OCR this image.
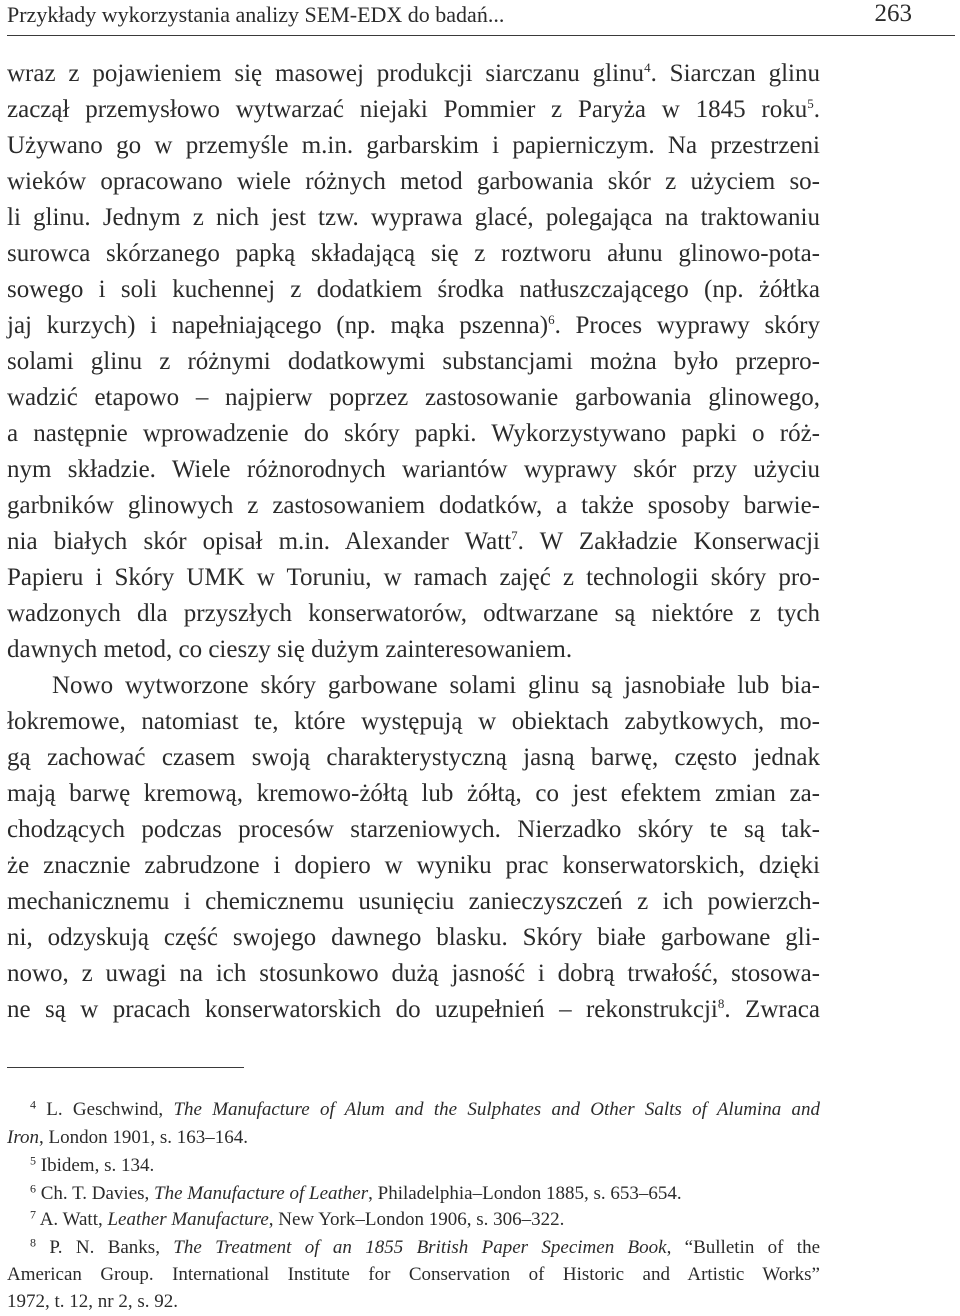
Przykłady wykorzystania analizy SEM-EDX do badań...	263
wraz z pojawieniem się masowej produkcji siarczanu glinu$^4$. Siarczan glinu
zaczął przemysłowo wytwarzać niejaki Pommier z Paryża w 1845 roku$^5$.
Używano go w przemyśle m.in. garbarskim i papierniczym. Na przestrzeni
wieków opracowano wiele różnych metod garbowania skór z użyciem so-
li glinu. Jednym z nich jest tzw. wyprawa glacé, polegająca na traktowaniu
surowca skórzanego papką składającą się z roztworu ałunu glinowo-pota-
sowego i soli kuchennej z dodatkiem środka natłuszczającego (np. żółtka
jaj kurzych) i napełniającego (np. mąka pszenna)$^6$. Proces wyprawy skóry
solami glinu z różnymi dodatkowymi substancjami można było przepro-
wadzić etapowo – najpierw poprzez zastosowanie garbowania glinowego,
a następnie wprowadzenie do skóry papki. Wykorzystywano papki o róż-
nym składzie. Wiele różnorodnych wariantów wyprawy skór przy użyciu
garbników glinowych z zastosowaniem dodatków, a także sposoby barwie-
nia białych skór opisał m.in. Alexander Watt$^7$. W Zakładzie Konserwacji
Papieru i Skóry UMK w Toruniu, w ramach zajęć z technologii skóry pro-
wadzonych dla przyszłych konserwatorów, odtwarzane są niektóre z tych
dawnych metod, co cieszy się dużym zainteresowaniem.
Nowo wytworzone skóry garbowane solami glinu są jasnobiałe lub bia-
łokremowe, natomiast te, które występują w obiektach zabytkowych, mo-
gą zachować czasem swoją charakterystyczną jasną barwę, często jednak
mają barwę kremową, kremowo-żółtą lub żółtą, co jest efektem zmian za-
chodzących podczas procesów starzeniowych. Nierzadko skóry te są tak-
że znacznie zabrudzone i dopiero w wyniku prac konserwatorskich, dzięki
mechanicznemu i chemicznemu usunięciu zanieczyszczeń z ich powierzch-
ni, odzyskują część swojego dawnego blasku. Skóry białe garbowane gli-
nowo, z uwagi na ich stosunkowo dużą jasność i dobrą trwałość, stosowa-
ne są w pracach konserwatorskich do uzupełnień – rekonstrukcji$^8$. Zwraca
$^4$ L. Geschwind, The Manufacture of Alum and the Sulphates and Other Salts of Alumina and
Iron, London 1901, s. 163–164.
$^5$ Ibidem, s. 134.
$^6$ Ch. T. Davies, The Manufacture of Leather, Philadelphia–London 1885, s. 653–654.
$^7$ A. Watt, Leather Manufacture, New York–London 1906, s. 306–322.
$^8$ P. N. Banks, The Treatment of an 1855 British Paper Specimen Book, “Bulletin of the
American Group. International Institute for Conservation of Historic and Artistic Works”
1972, t. 12, nr 2, s. 92.
